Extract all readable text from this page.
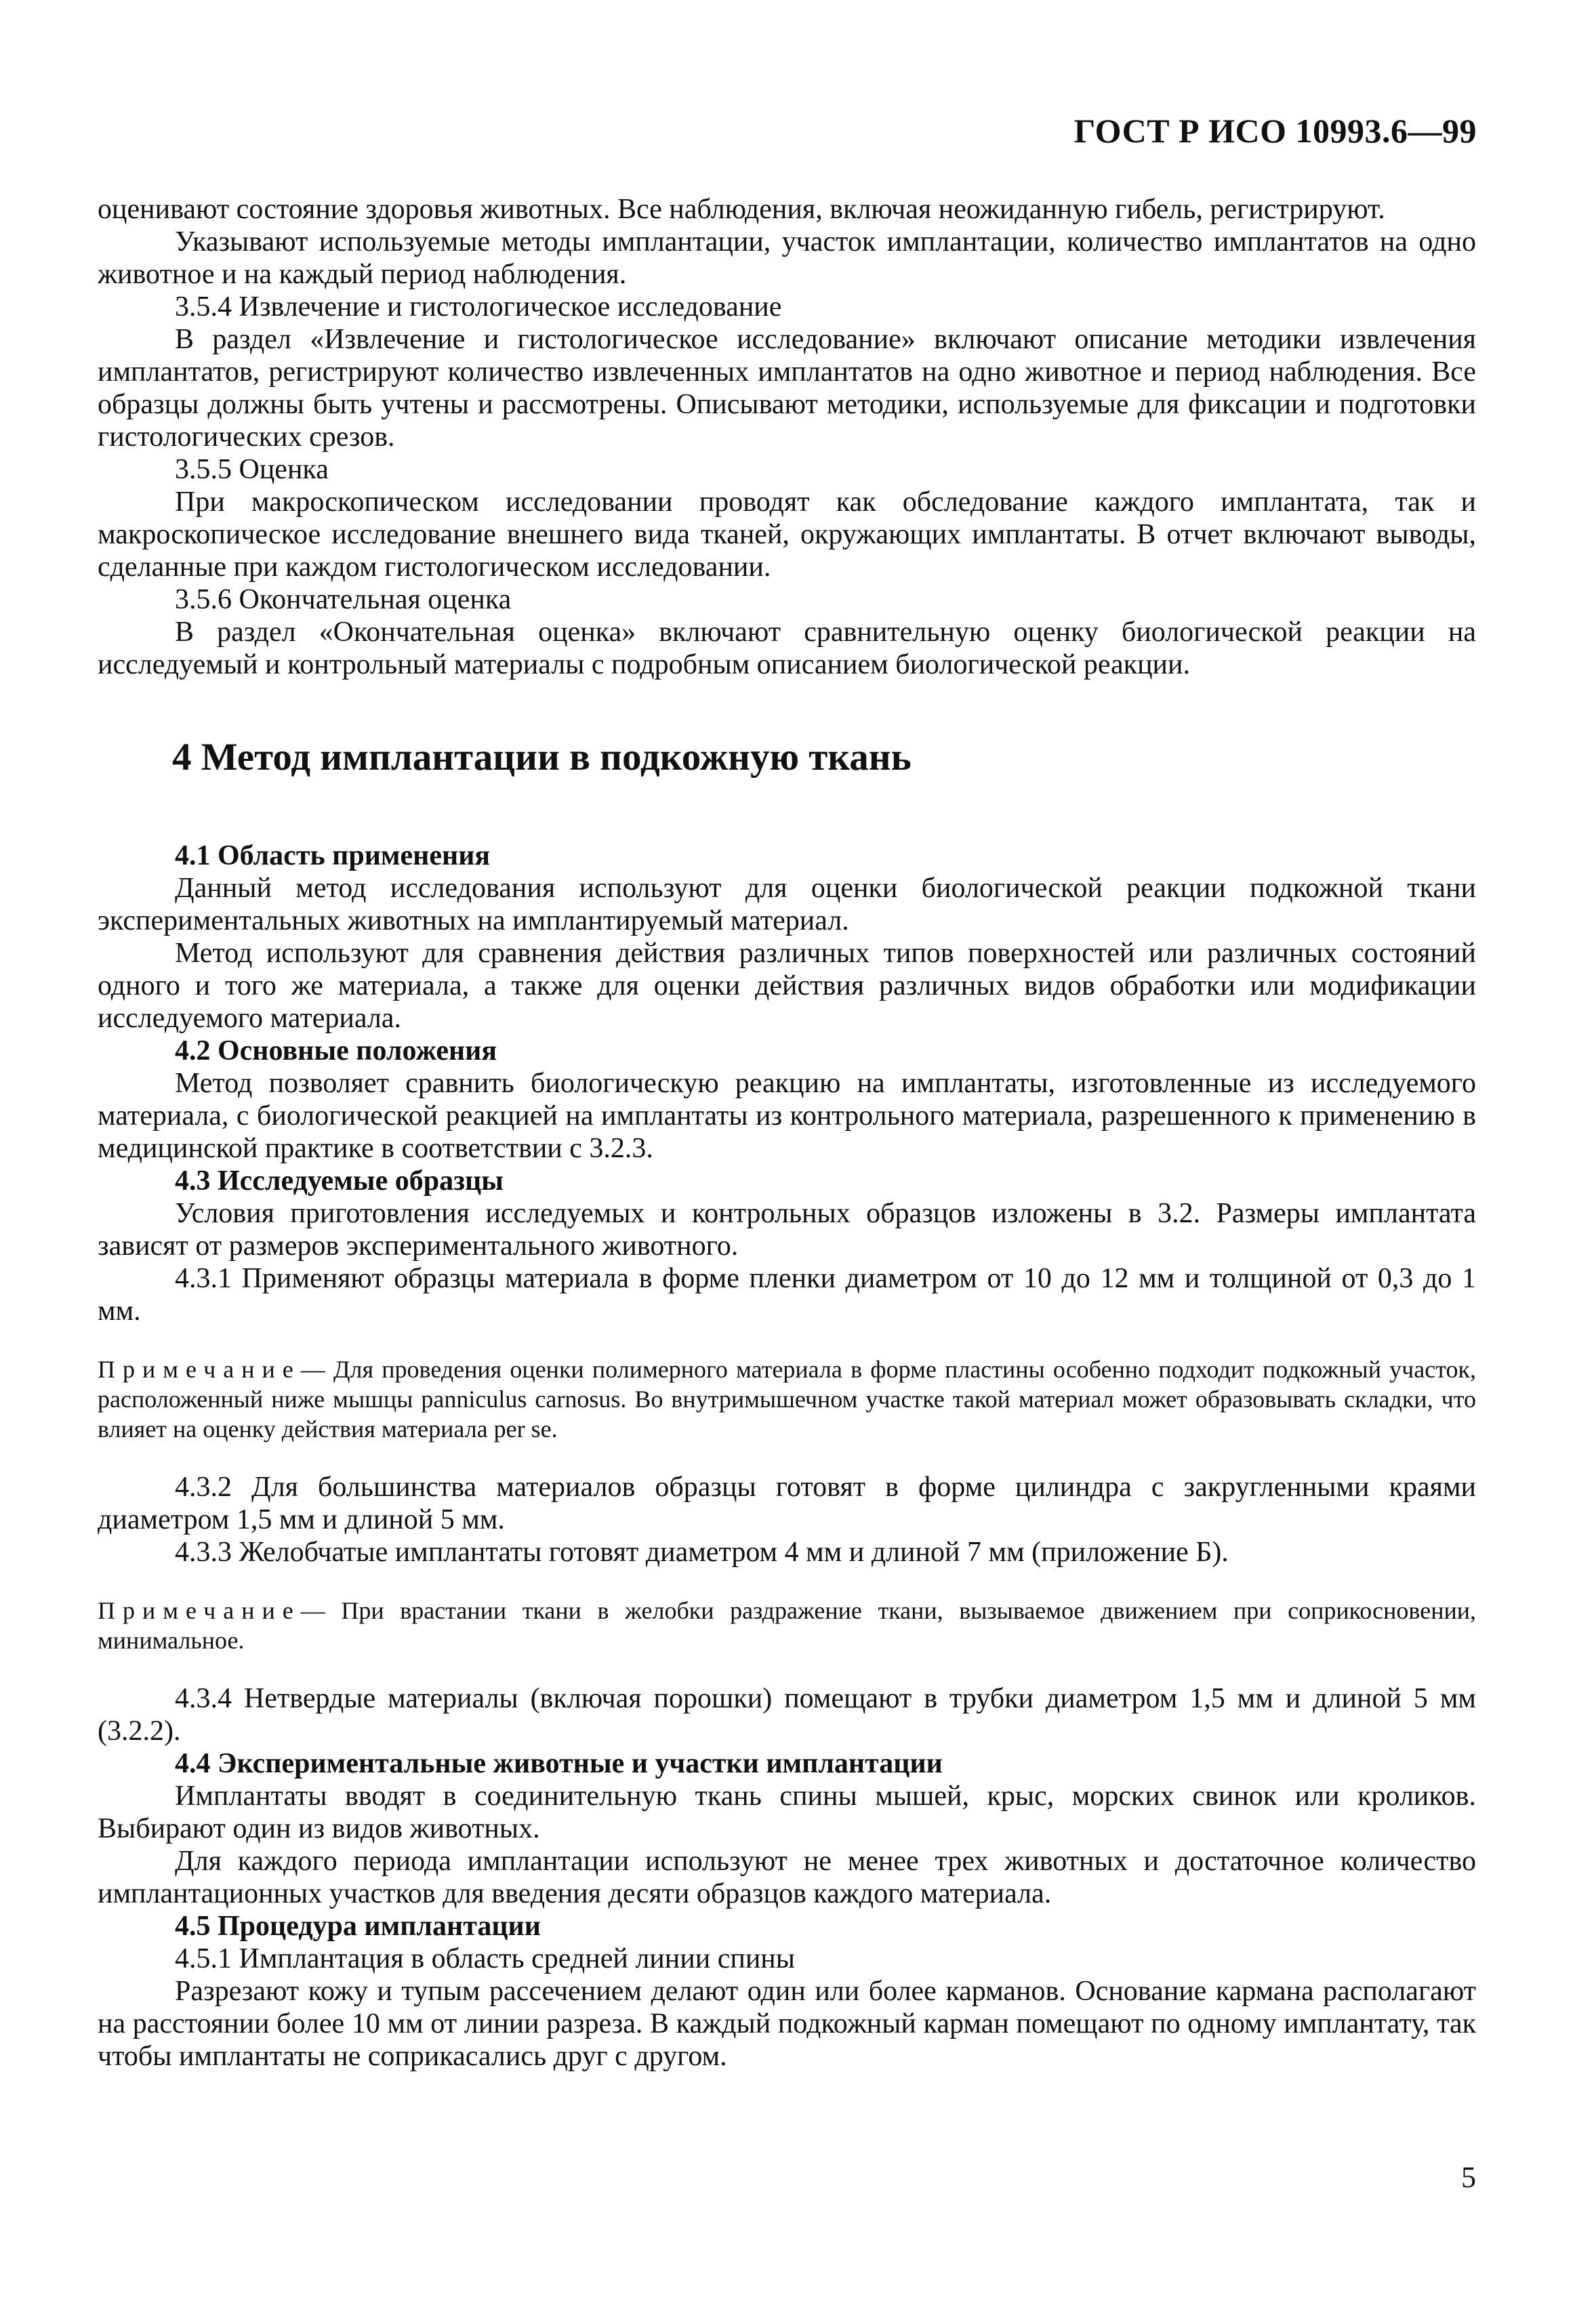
ГОСТ Р ИСО 10993.6—99

оценивают состояние здоровья животных. Все наблюдения, включая неожиданную гибель, регистрируют.

Указывают используемые методы имплантации, участок имплантации, количество имплантатов на одно животное и на каждый период наблюдения.

3.5.4 Извлечение и гистологическое исследование

В раздел «Извлечение и гистологическое исследование» включают описание методики извлечения имплантатов, регистрируют количество извлеченных имплантатов на одно животное и период наблюдения. Все образцы должны быть учтены и рассмотрены. Описывают методики, используемые для фиксации и подготовки гистологических срезов.

3.5.5 Оценка

При макроскопическом исследовании проводят как обследование каждого имплантата, так и макроскопическое исследование внешнего вида тканей, окружающих имплантаты. В отчет включают выводы, сделанные при каждом гистологическом исследовании.

3.5.6 Окончательная оценка

В раздел «Окончательная оценка» включают сравнительную оценку биологической реакции на исследуемый и контрольный материалы с подробным описанием биологической реакции.

4 Метод имплантации в подкожную ткань

4.1 Область применения

Данный метод исследования используют для оценки биологической реакции подкожной ткани экспериментальных животных на имплантируемый материал.

Метод используют для сравнения действия различных типов поверхностей или различных состояний одного и того же материала, а также для оценки действия различных видов обработки или модификации исследуемого материала.

4.2 Основные положения

Метод позволяет сравнить биологическую реакцию на имплантаты, изготовленные из исследуемого материала, с биологической реакцией на имплантаты из контрольного материала, разрешенного к применению в медицинской практике в соответствии с 3.2.3.

4.3 Исследуемые образцы

Условия приготовления исследуемых и контрольных образцов изложены в 3.2. Размеры имплантата зависят от размеров экспериментального животного.

4.3.1 Применяют образцы материала в форме пленки диаметром от 10 до 12 мм и толщиной от 0,3 до 1 мм.

Примечание— Для проведения оценки полимерного материала в форме пластины особенно подходит подкожный участок, расположенный ниже мышцы panniculus carnosus. Во внутримышечном участке такой материал может образовывать складки, что влияет на оценку действия материала per se.

4.3.2 Для большинства материалов образцы готовят в форме цилиндра с закругленными краями диаметром 1,5 мм и длиной 5 мм.

4.3.3 Желобчатые имплантаты готовят диаметром 4 мм и длиной 7 мм (приложение Б).

Примечание— При врастании ткани в желобки раздражение ткани, вызываемое движением при соприкосновении, минимальное.

4.3.4 Нетвердые материалы (включая порошки) помещают в трубки диаметром 1,5 мм и длиной 5 мм (3.2.2).

4.4 Экспериментальные животные и участки имплантации

Имплантаты вводят в соединительную ткань спины мышей, крыс, морских свинок или кроликов. Выбирают один из видов животных.

Для каждого периода имплантации используют не менее трех животных и достаточное количество имплантационных участков для введения десяти образцов каждого материала.

4.5 Процедура имплантации

4.5.1 Имплантация в область средней линии спины

Разрезают кожу и тупым рассечением делают один или более карманов. Основание кармана располагают на расстоянии более 10 мм от линии разреза. В каждый подкожный карман помещают по одному имплантату, так чтобы имплантаты не соприкасались друг с другом.

5
